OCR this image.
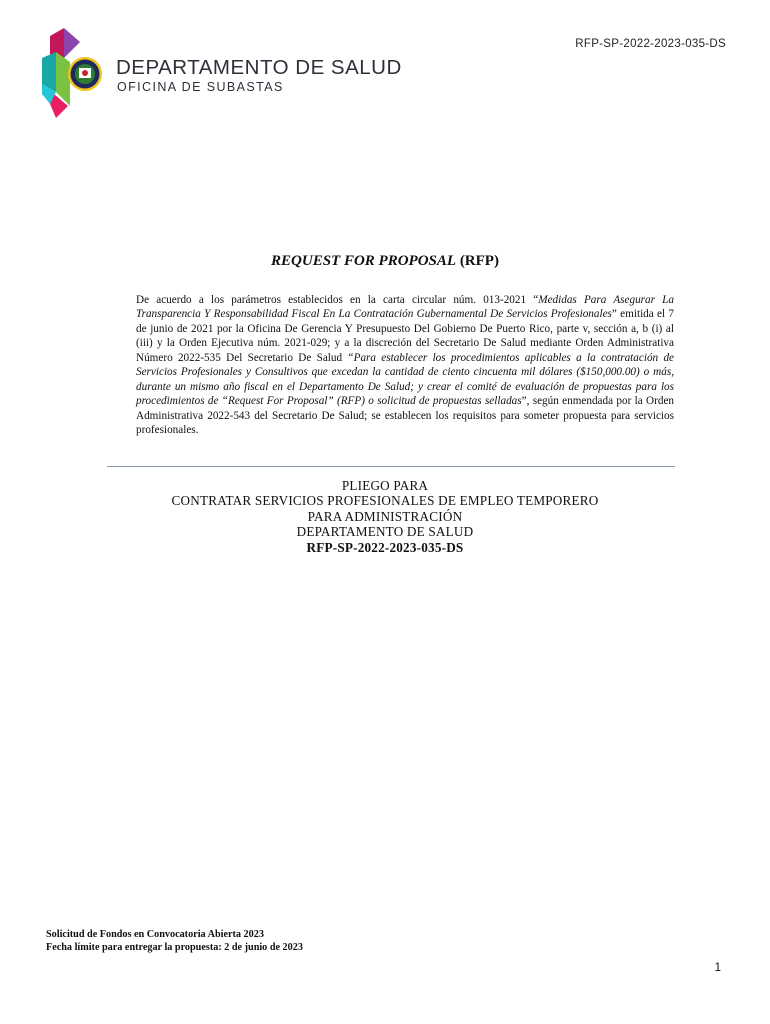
RFP-SP-2022-2023-035-DS
DEPARTAMENTO DE SALUD
OFICINA DE SUBASTAS
REQUEST FOR PROPOSAL (RFP)
De acuerdo a los parámetros establecidos en la carta circular núm. 013-2021 “Medidas Para Asegurar La Transparencia Y Responsabilidad Fiscal En La Contratación Gubernamental De Servicios Profesionales” emitida el 7 de junio de 2021 por la Oficina De Gerencia Y Presupuesto Del Gobierno De Puerto Rico, parte v, sección a, b (i) al (iii) y la Orden Ejecutiva núm. 2021-029; y a la discreción del Secretario De Salud mediante Orden Administrativa Número 2022-535 Del Secretario De Salud “Para establecer los procedimientos aplicables a la contratación de Servicios Profesionales y Consultivos que excedan la cantidad de ciento cincuenta mil dólares ($150,000.00) o más, durante un mismo año fiscal en el Departamento De Salud; y crear el comité de evaluación de propuestas para los procedimientos de “Request For Proposal” (RFP) o solicitud de propuestas selladas”, según enmendada por la Orden Administrativa 2022-543 del Secretario De Salud; se establecen los requisitos para someter propuesta para servicios profesionales.
PLIEGO PARA
CONTRATAR SERVICIOS PROFESIONALES DE EMPLEO TEMPORERO
PARA ADMINISTRACIÓN
DEPARTAMENTO DE SALUD
RFP-SP-2022-2023-035-DS
Solicitud de Fondos en Convocatoria Abierta 2023
Fecha límite para entregar la propuesta: 2 de junio de 2023
1
